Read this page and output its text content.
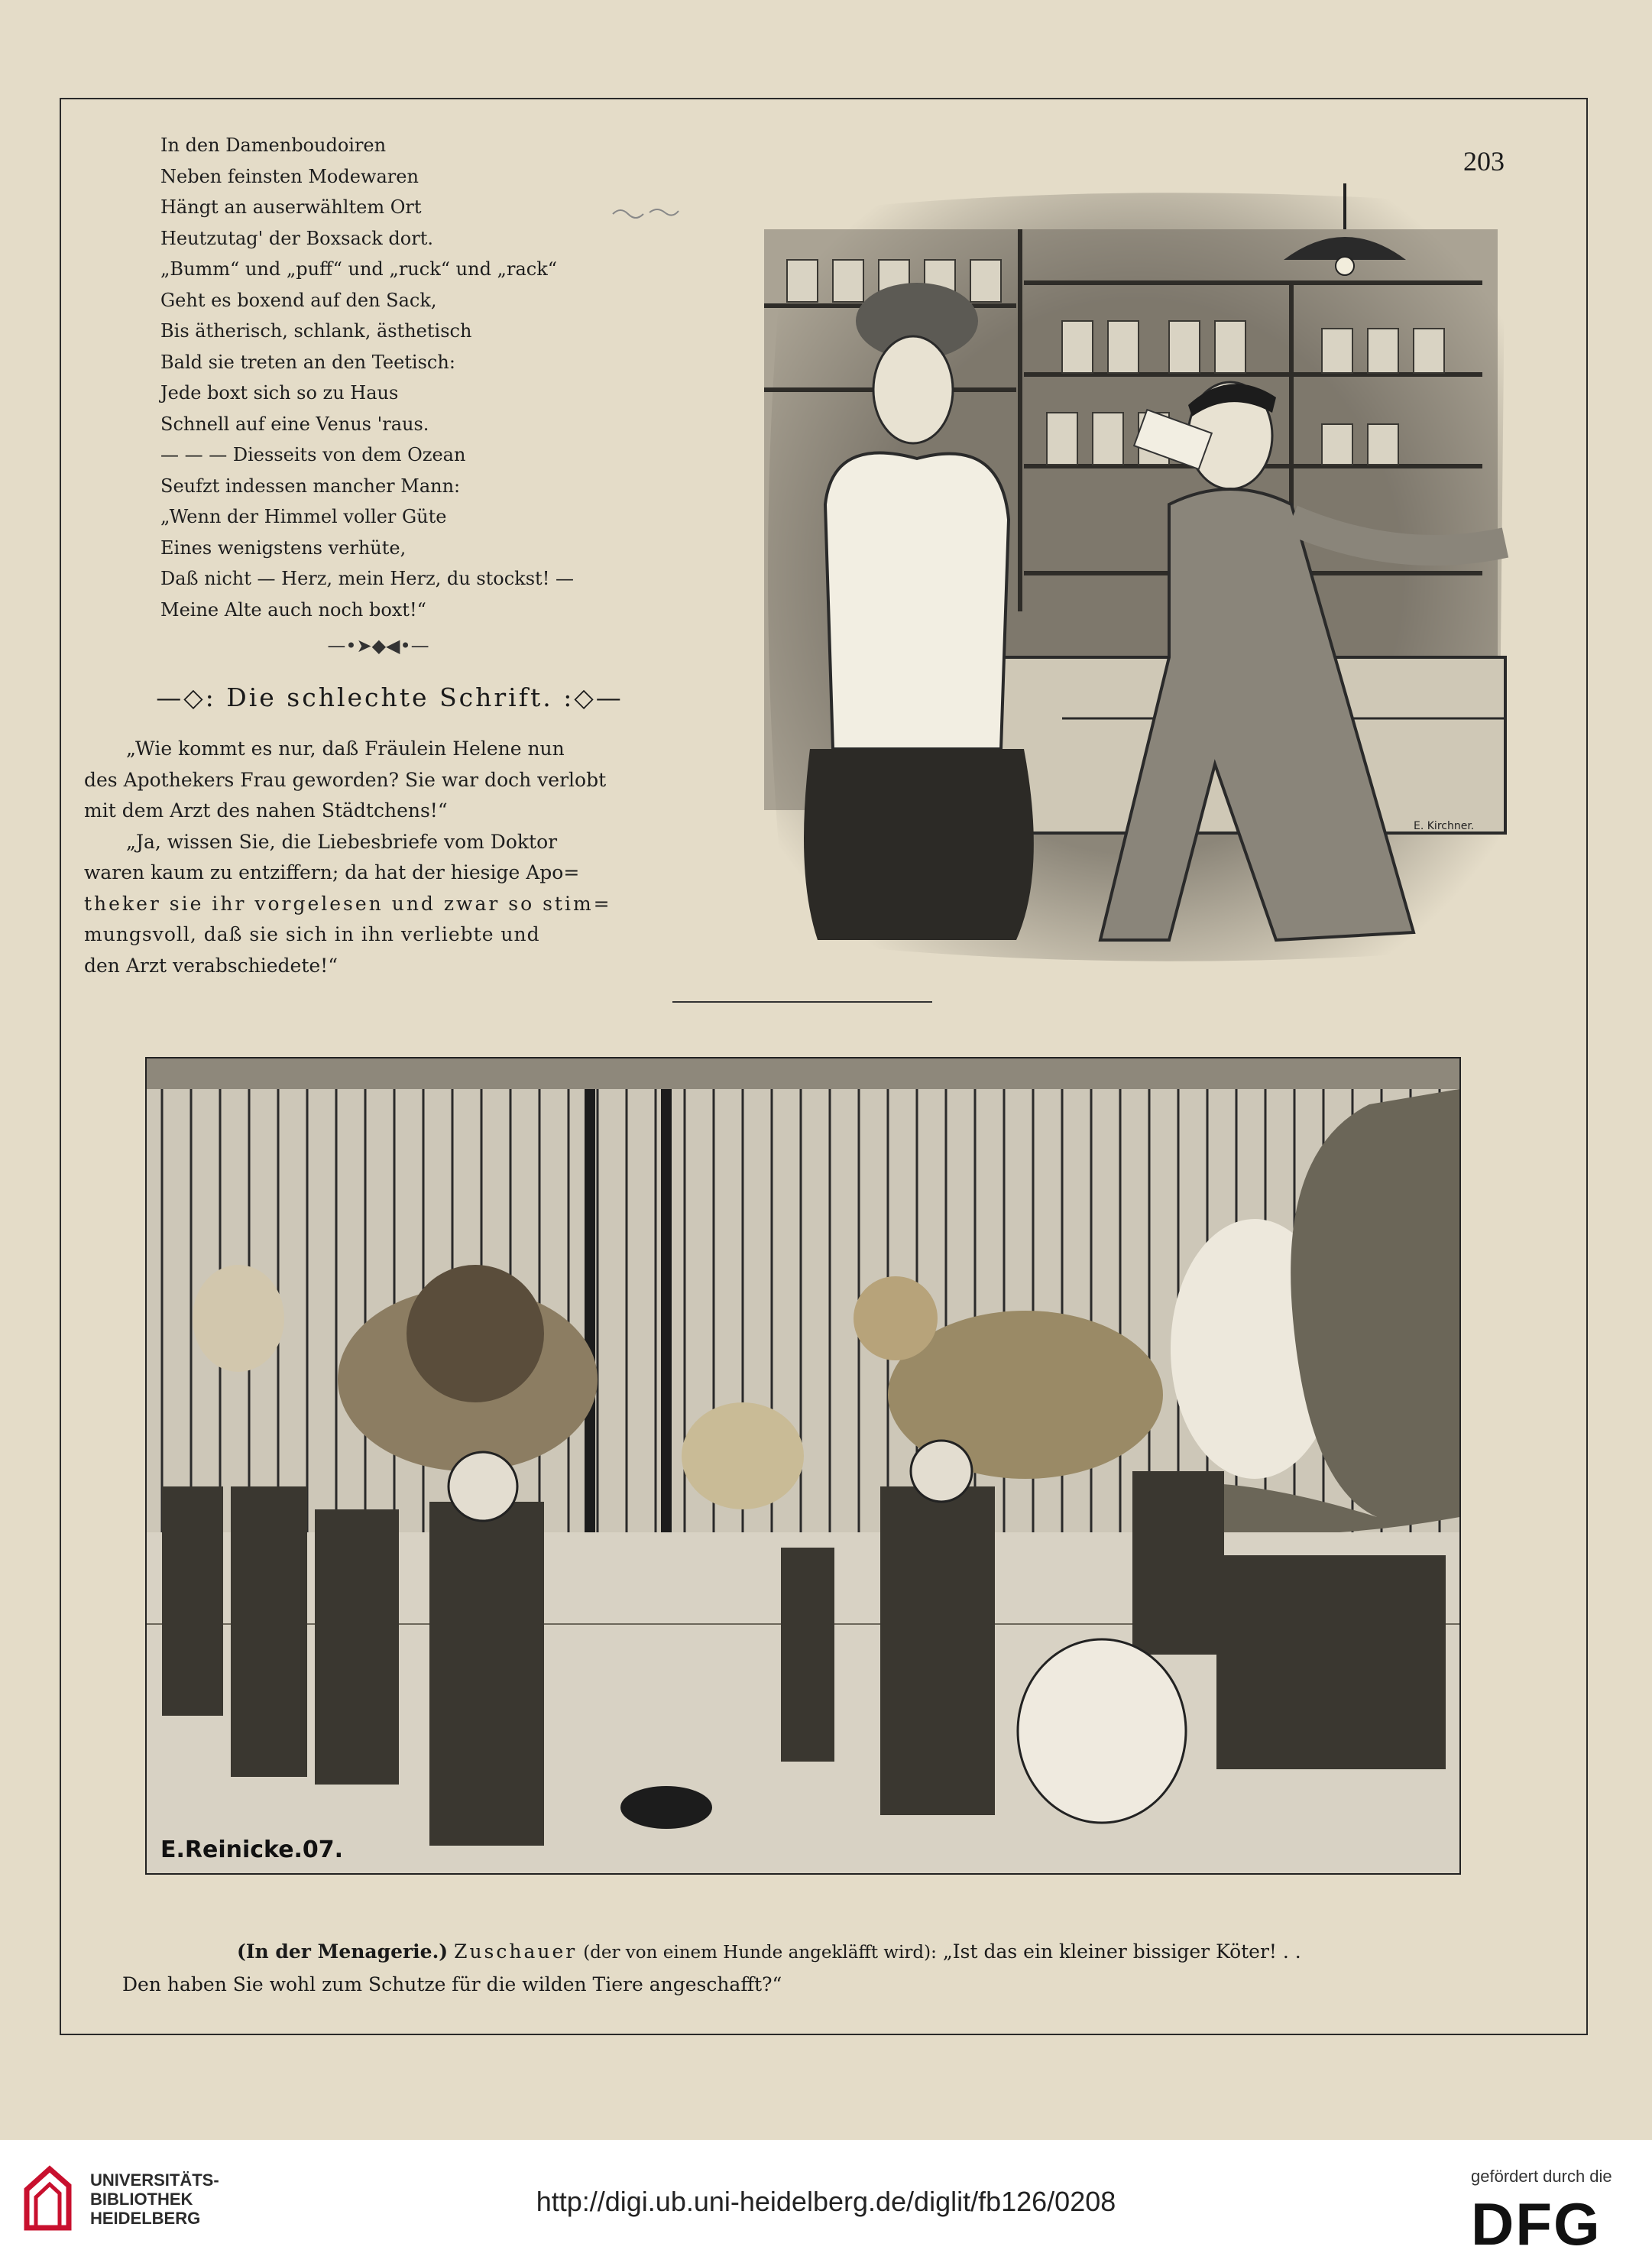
203
In den Damenboudoiren
Neben feinsten Modewaren
Hängt an auserwähltem Ort
Heutzutag' der Boxsack dort.
„Bumm“ und „puff“ und „ruck“ und „rack“
Geht es boxend auf den Sack,
Bis ätherisch, schlank, ästhetisch
Bald sie treten an den Teetisch:
Jede boxt sich so zu Haus
Schnell auf eine Venus 'raus.
— — — Diesseits von dem Ozean
Seufzt indessen mancher Mann:
„Wenn der Himmel voller Güte
Eines wenigstens verhüte,
Daß nicht — Herz, mein Herz, du stockst! —
Meine Alte auch noch boxt!“
—•➤◆◀•—
—◇: Die schlechte Schrift. :◇—
„Wie kommt es nur, daß Fräulein Helene nun
des Apothekers Frau geworden? Sie war doch verlobt
mit dem Arzt des nahen Städtchens!“
„Ja, wissen Sie, die Liebesbriefe vom Doktor
waren kaum zu entziffern; da hat der hiesige Apo=
theker sie ihr vorgelesen und zwar so stim=
mungsvoll, daß sie sich in ihn verliebte und
den Arzt verabschiedete!“
E. Kirchner.
E.Reinicke.07.
(In der Menagerie.) Zuschauer (der von einem Hunde angekläfft wird): „Ist das ein kleiner bissiger Köter! . .
Den haben Sie wohl zum Schutze für die wilden Tiere angeschafft?“
UNIVERSITÄTS-
BIBLIOTHEK
HEIDELBERG
http://digi.ub.uni-heidelberg.de/diglit/fb126/0208
gefördert durch die
DFG
